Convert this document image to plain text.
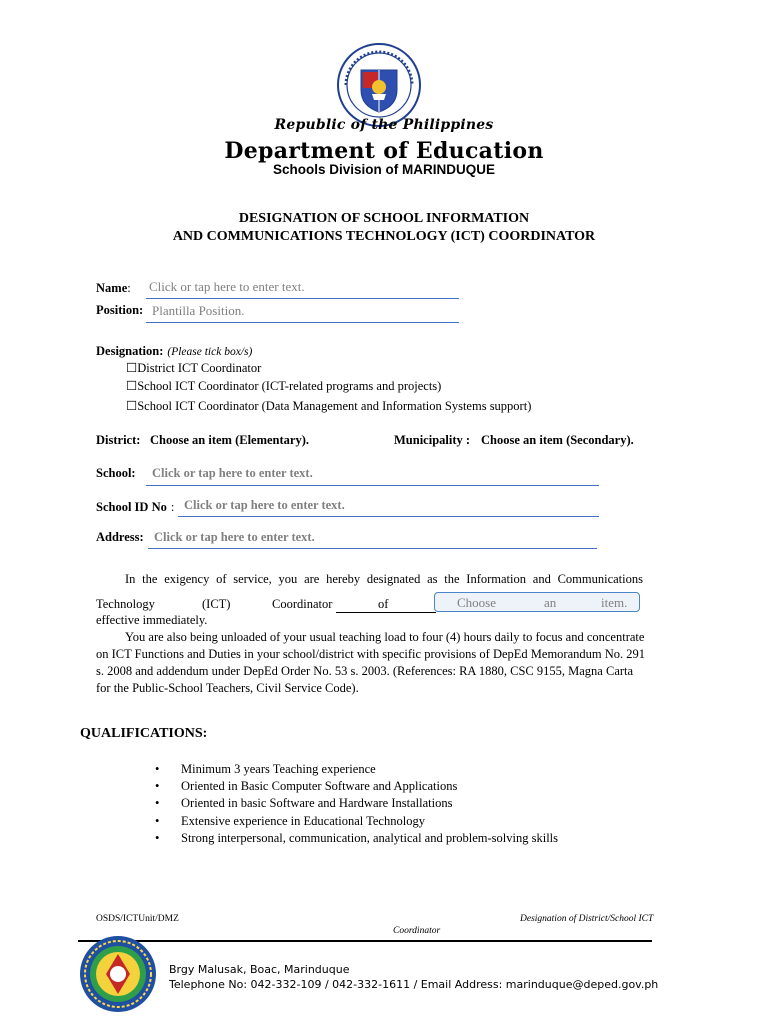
Republic of the Philippines
Department of Education
Schools Division of MARINDUQUE
DESIGNATION OF SCHOOL INFORMATION
AND COMMUNICATIONS TECHNOLOGY (ICT) COORDINATOR
Name: Click or tap here to enter text.
Position: Plantilla Position.
Designation: (Please tick box/s)
☐District ICT Coordinator
☐School ICT Coordinator (ICT-related programs and projects)
☐School ICT Coordinator (Data Management and Information Systems support)
District: Choose an item (Elementary).	Municipality : Choose an item (Secondary).
School: Click or tap here to enter text.
School ID No : Click or tap here to enter text.
Address: Click or tap here to enter text.
In the exigency of service, you are hereby designated as the Information and Communications
Technology	(ICT)	Coordinator	of	Choose	an	item.
effective immediately.
You are also being unloaded of your usual teaching load to four (4) hours daily to focus and concentrate
on ICT Functions and Duties in your school/district with specific provisions of DepEd Memorandum No. 291
s. 2008 and addendum under DepEd Order No. 53 s. 2003. (References: RA 1880, CSC 9155, Magna Carta
for the Public-School Teachers, Civil Service Code).
QUALIFICATIONS:
• Minimum 3 years Teaching experience
• Oriented in Basic Computer Software and Applications
• Oriented in basic Software and Hardware Installations
• Extensive experience in Educational Technology
• Strong interpersonal, communication, analytical and problem-solving skills
OSDS/ICTUnit/DMZ	Designation of District/School ICT
Coordinator
Brgy Malusak, Boac, Marinduque
Telephone No: 042-332-109 / 042-332-1611 / Email Address: marinduque@deped.gov.ph
